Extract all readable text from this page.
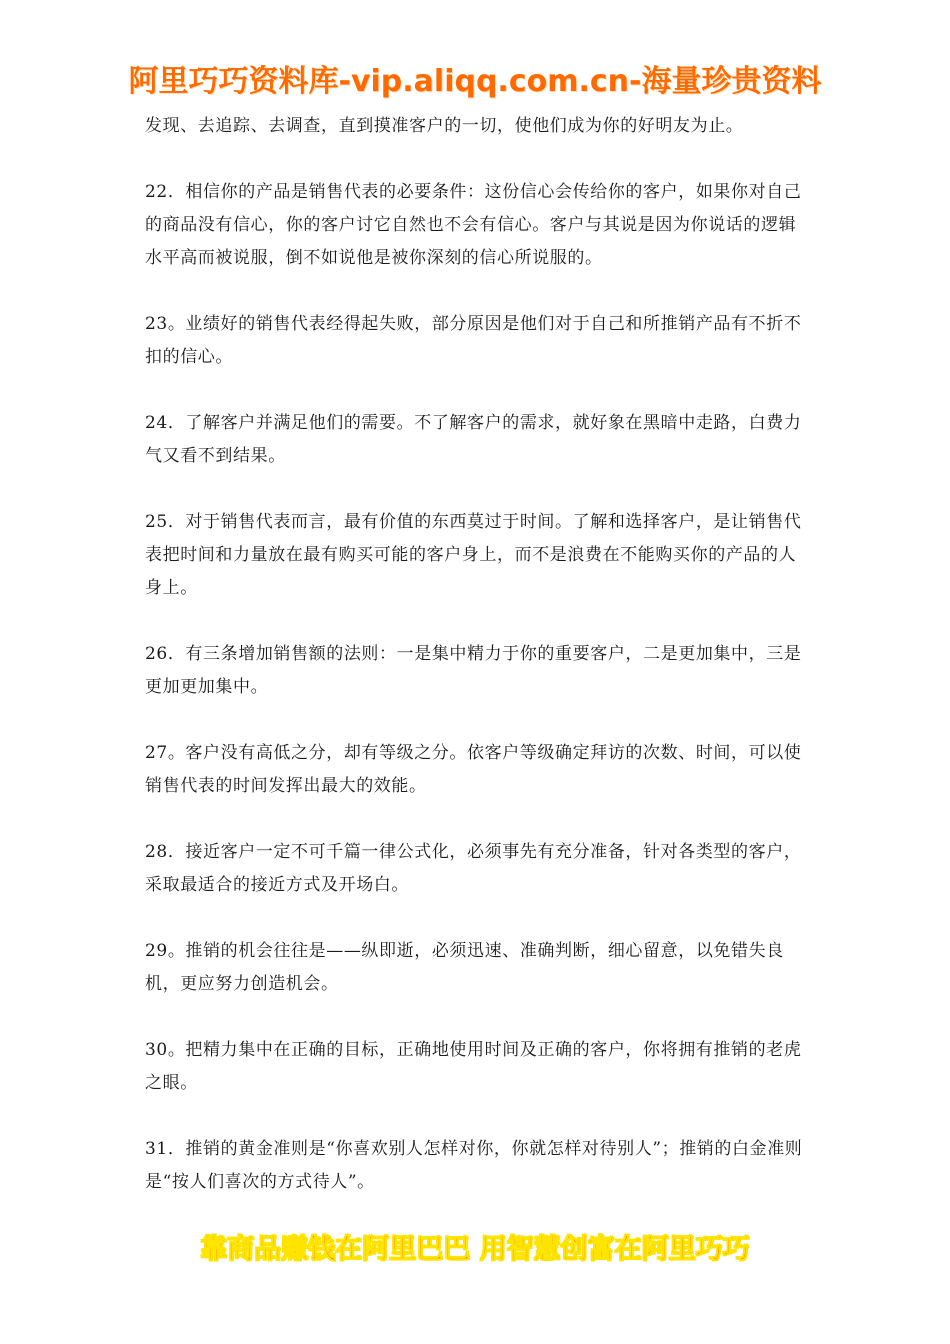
阿里巧巧资料库-vip.aliqq.com.cn-海量珍贵资料

发现、去追踪、去调查，直到摸准客户的一切，使他们成为你的好明友为止。

22．相信你的产品是销售代表的必要条件：这份信心会传给你的客户，如果你对自己的商品没有信心，你的客户讨它自然也不会有信心。客户与其说是因为你说话的逻辑水平高而被说服，倒不如说他是被你深刻的信心所说服的。

23。业绩好的销售代表经得起失败，部分原因是他们对于自己和所推销产品有不折不扣的信心。

24．了解客户并满足他们的需要。不了解客户的需求，就好象在黑暗中走路，白费力气又看不到结果。

25．对于销售代表而言，最有价值的东西莫过于时间。了解和选择客户，是让销售代表把时间和力量放在最有购买可能的客户身上，而不是浪费在不能购买你的产品的人身上。

26．有三条增加销售额的法则：一是集中精力于你的重要客户，二是更加集中，三是更加更加集中。

27。客户没有高低之分，却有等级之分。依客户等级确定拜访的次数、时间，可以使销售代表的时间发挥出最大的效能。

28．接近客户一定不可千篇一律公式化，必须事先有充分准备，针对各类型的客户，采取最适合的接近方式及开场白。

29。推销的机会往往是——纵即逝，必须迅速、准确判断，细心留意，以免错失良机，更应努力创造机会。

30。把精力集中在正确的目标，正确地使用时间及正确的客户，你将拥有推销的老虎之眼。

31．推销的黄金准则是“你喜欢别人怎样对你，你就怎样对待别人”；推销的白金准则是“按人们喜次的方式待人”。

靠商品赚钱在阿里巴巴 用智慧创富在阿里巧巧
